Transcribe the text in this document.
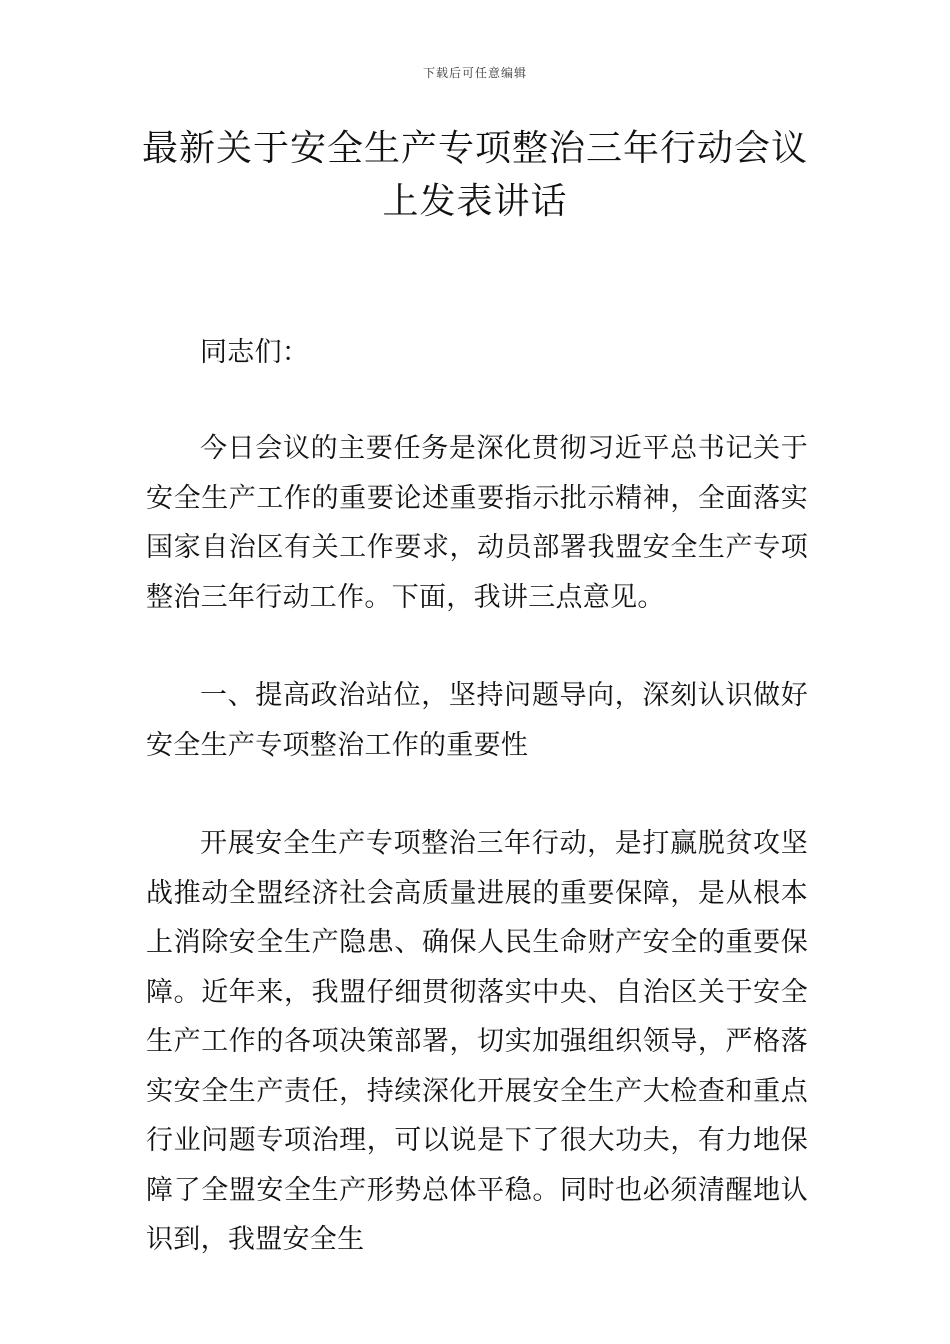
下载后可任意编辑
最新关于安全生产专项整治三年行动会议
上发表讲话

同志们：

今日会议的主要任务是深化贯彻习近平总书记关于安全生产工作的重要论述重要指示批示精神，全面落实国家自治区有关工作要求，动员部署我盟安全生产专项整治三年行动工作。下面，我讲三点意见。

一、提高政治站位，坚持问题导向，深刻认识做好安全生产专项整治工作的重要性

开展安全生产专项整治三年行动，是打赢脱贫攻坚战推动全盟经济社会高质量进展的重要保障，是从根本上消除安全生产隐患、确保人民生命财产安全的重要保障。近年来，我盟仔细贯彻落实中央、自治区关于安全生产工作的各项决策部署，切实加强组织领导，严格落实安全生产责任，持续深化开展安全生产大检查和重点行业问题专项治理，可以说是下了很大功夫，有力地保障了全盟安全生产形势总体平稳。同时也必须清醒地认识到，我盟安全生
